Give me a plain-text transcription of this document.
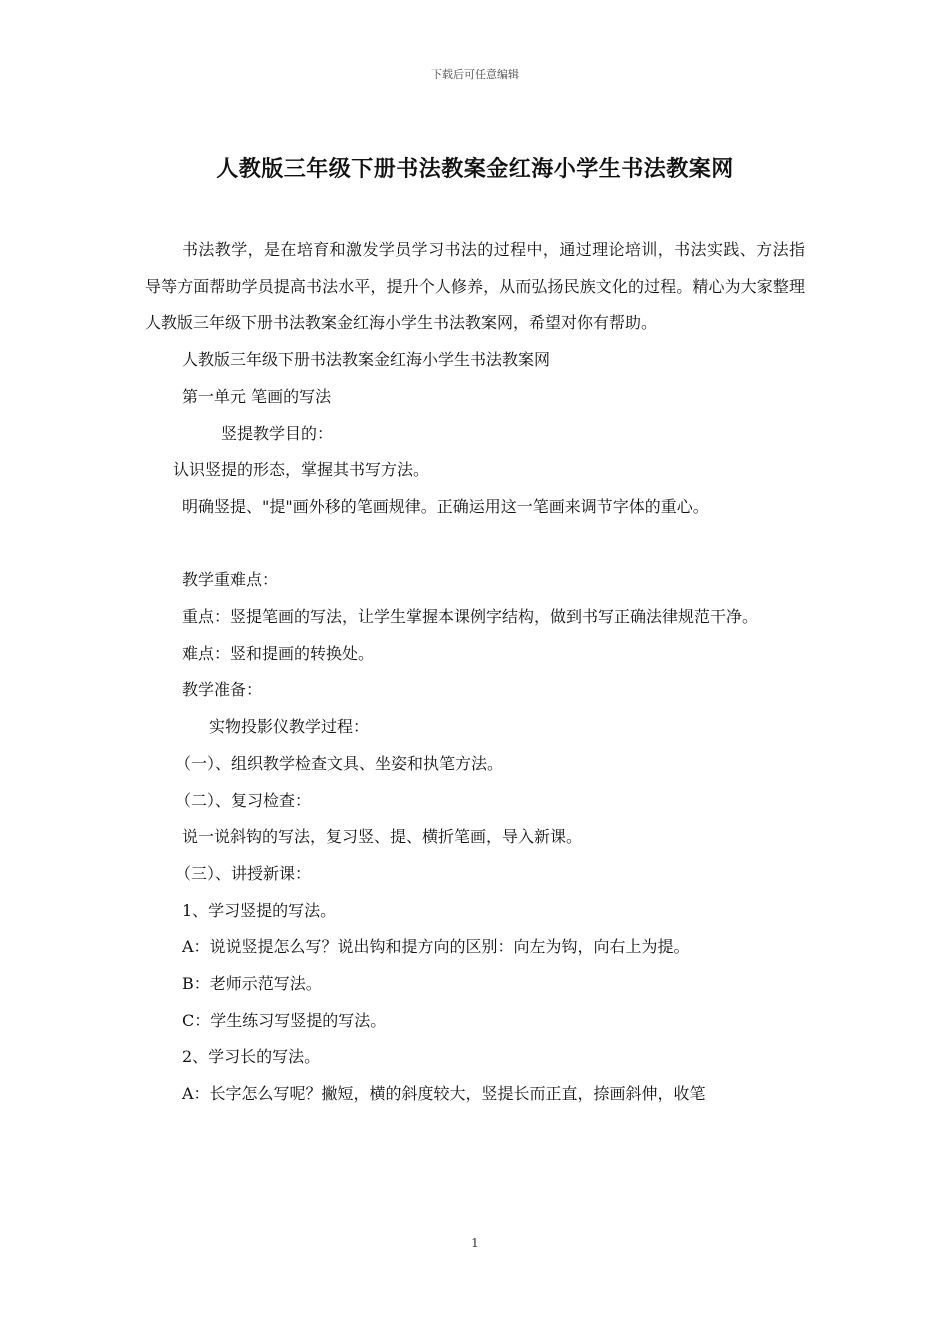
下载后可任意编辑
人教版三年级下册书法教案金红海小学生书法教案网

书法教学，是在培育和激发学员学习书法的过程中，通过理论培训，书法实践、方法指导等方面帮助学员提高书法水平，提升个人修养，从而弘扬民族文化的过程。精心为大家整理人教版三年级下册书法教案金红海小学生书法教案网，希望对你有帮助。

人教版三年级下册书法教案金红海小学生书法教案网

第一单元 笔画的写法

竖提教学目的：

认识竖提的形态，掌握其书写方法。

明确竖提、"提"画外移的笔画规律。正确运用这一笔画来调节字体的重心。

教学重难点：

重点：竖提笔画的写法，让学生掌握本课例字结构，做到书写正确法律规范干净。

难点：竖和提画的转换处。

教学准备：

实物投影仪教学过程：

（一）、组织教学检查文具、坐姿和执笔方法。

（二）、复习检查：

说一说斜钩的写法，复习竖、提、横折笔画，导入新课。

（三）、讲授新课：

1、学习竖提的写法。

A：说说竖提怎么写？说出钩和提方向的区别：向左为钩，向右上为提。

B：老师示范写法。

C：学生练习写竖提的写法。

2、学习长的写法。

A：长字怎么写呢？撇短，横的斜度较大，竖提长而正直，捺画斜伸，收笔

1
